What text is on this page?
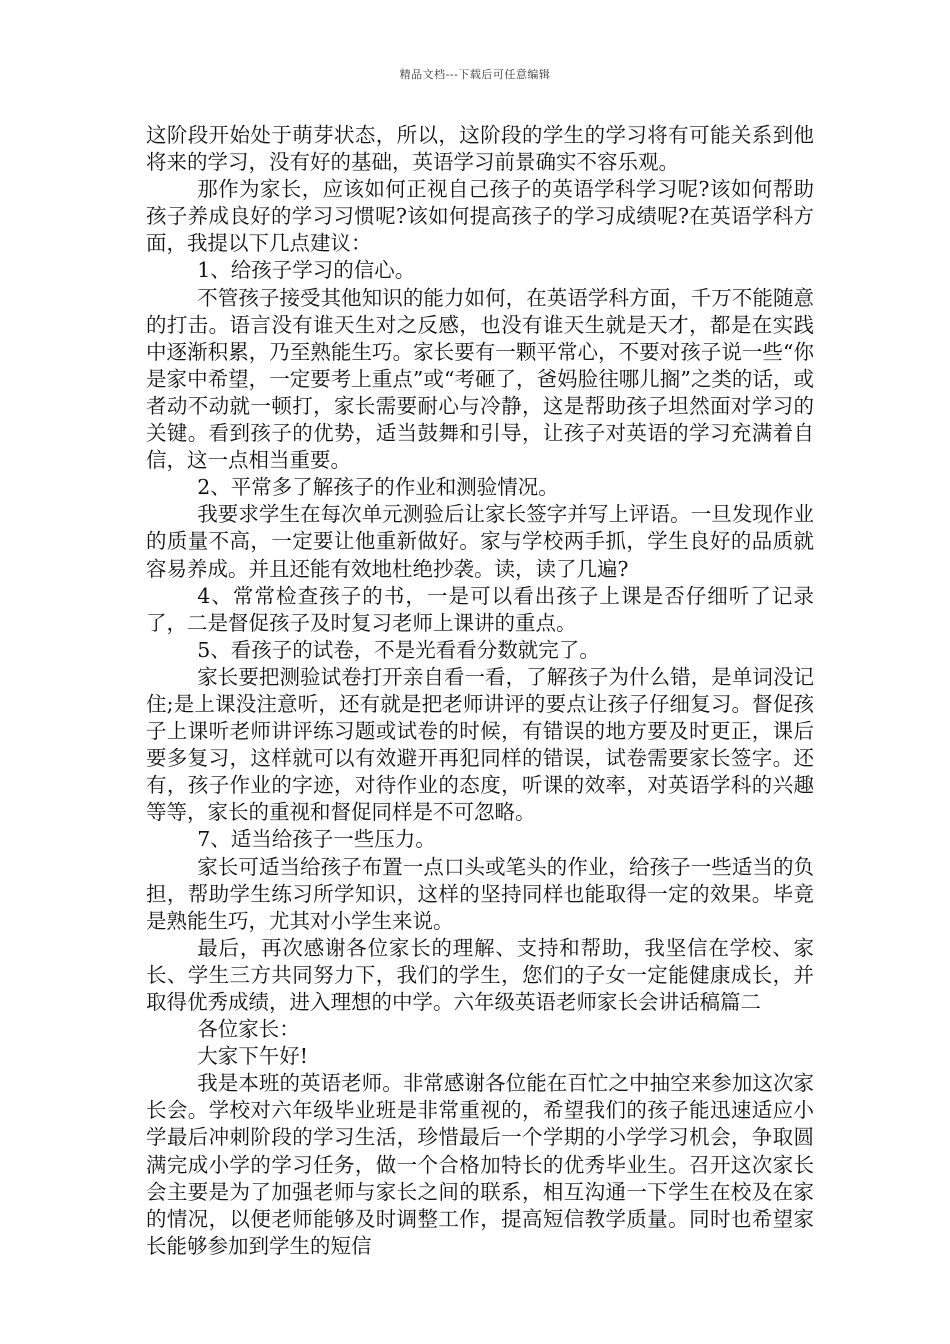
精品文档---下载后可任意编辑

这阶段开始处于萌芽状态，所以，这阶段的学生的学习将有可能关系到他将来的学习，没有好的基础，英语学习前景确实不容乐观。

那作为家长，应该如何正视自己孩子的英语学科学习呢?该如何帮助孩子养成良好的学习习惯呢?该如何提高孩子的学习成绩呢?在英语学科方面，我提以下几点建议：

1、给孩子学习的信心。

不管孩子接受其他知识的能力如何，在英语学科方面，千万不能随意的打击。语言没有谁天生对之反感，也没有谁天生就是天才，都是在实践中逐渐积累，乃至熟能生巧。家长要有一颗平常心，不要对孩子说一些“你是家中希望，一定要考上重点”或“考砸了，爸妈脸往哪儿搁”之类的话，或者动不动就一顿打，家长需要耐心与冷静，这是帮助孩子坦然面对学习的关键。看到孩子的优势，适当鼓舞和引导，让孩子对英语的学习充满着自信，这一点相当重要。

2、平常多了解孩子的作业和测验情况。

我要求学生在每次单元测验后让家长签字并写上评语。一旦发现作业的质量不高，一定要让他重新做好。家与学校两手抓，学生良好的品质就容易养成。并且还能有效地杜绝抄袭。读，读了几遍?

4、常常检查孩子的书，一是可以看出孩子上课是否仔细听了记录了，二是督促孩子及时复习老师上课讲的重点。

5、看孩子的试卷，不是光看看分数就完了。

家长要把测验试卷打开亲自看一看，了解孩子为什么错，是单词没记住;是上课没注意听，还有就是把老师讲评的要点让孩子仔细复习。督促孩子上课听老师讲评练习题或试卷的时候，有错误的地方要及时更正，课后要多复习，这样就可以有效避开再犯同样的错误，试卷需要家长签字。还有，孩子作业的字迹，对待作业的态度，听课的效率，对英语学科的兴趣等等，家长的重视和督促同样是不可忽略。

7、适当给孩子一些压力。

家长可适当给孩子布置一点口头或笔头的作业，给孩子一些适当的负担，帮助学生练习所学知识，这样的坚持同样也能取得一定的效果。毕竟是熟能生巧，尤其对小学生来说。

最后，再次感谢各位家长的理解、支持和帮助，我坚信在学校、家长、学生三方共同努力下，我们的学生，您们的子女一定能健康成长，并取得优秀成绩，进入理想的中学。六年级英语老师家长会讲话稿篇二

各位家长：

大家下午好!

我是本班的英语老师。非常感谢各位能在百忙之中抽空来参加这次家长会。学校对六年级毕业班是非常重视的，希望我们的孩子能迅速适应小学最后冲刺阶段的学习生活，珍惜最后一个学期的小学学习机会，争取圆满完成小学的学习任务，做一个合格加特长的优秀毕业生。召开这次家长会主要是为了加强老师与家长之间的联系，相互沟通一下学生在校及在家的情况，以便老师能够及时调整工作，提高短信教学质量。同时也希望家长能够参加到学生的短信
